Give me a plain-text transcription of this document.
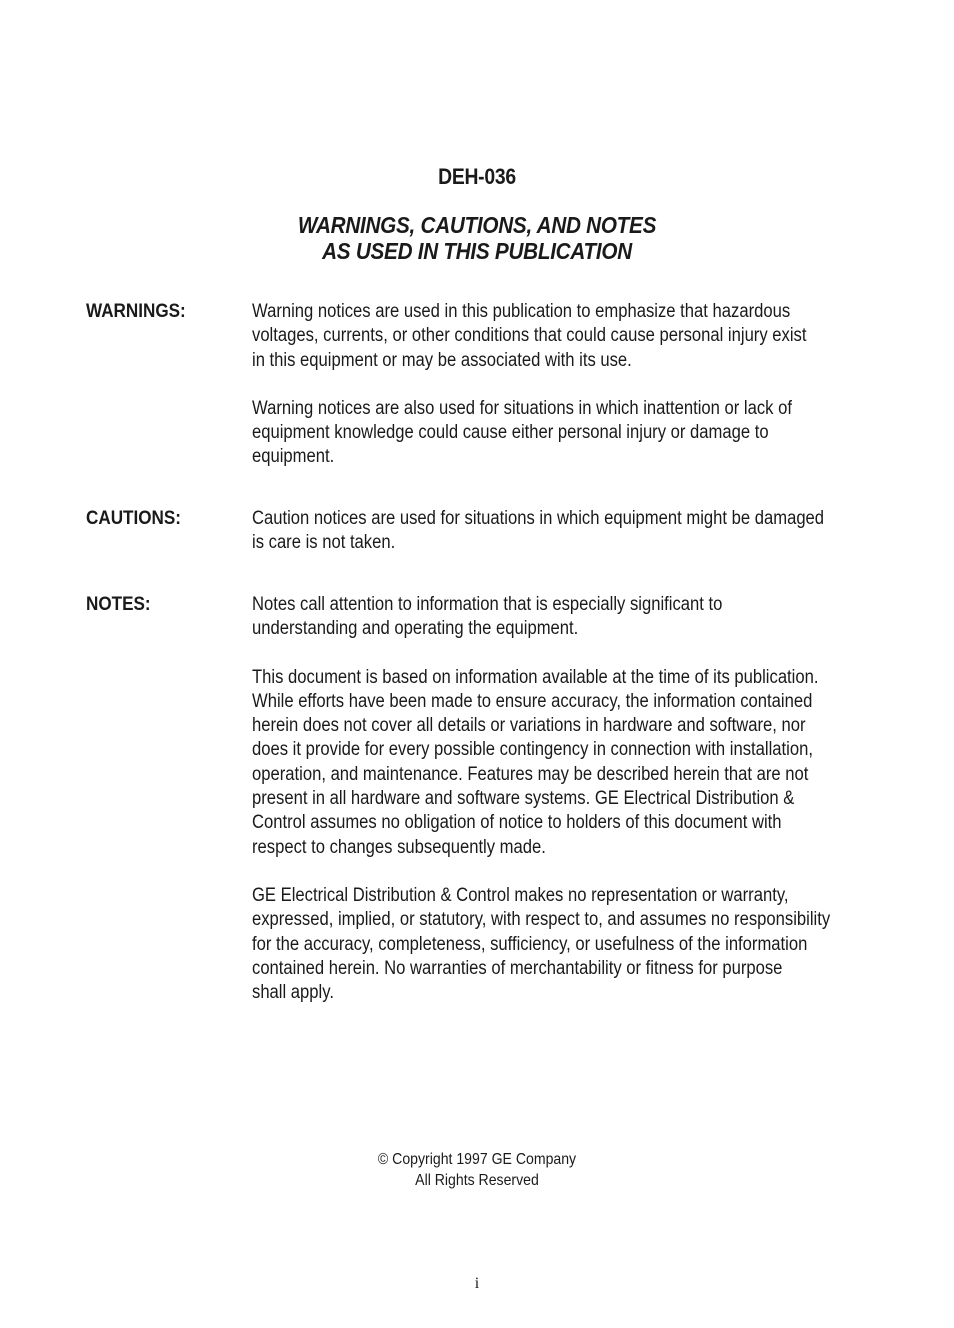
DEH-036
WARNINGS, CAUTIONS, AND NOTES
AS USED IN THIS PUBLICATION
WARNINGS:	Warning notices are used in this publication to emphasize that hazardous
voltages, currents, or other conditions that could cause personal injury exist
in this equipment or may be associated with its use.

Warning notices are also used for situations in which inattention or lack of
equipment knowledge could cause either personal injury or damage to
equipment.

CAUTIONS:	Caution notices are used for situations in which equipment might be damaged
is care is not taken.

NOTES:	Notes call attention to information that is especially significant to
understanding and operating the equipment.

This document is based on information available at the time of its publication.
While efforts have been made to ensure accuracy, the information contained
herein does not cover all details or variations in hardware and software, nor
does it provide for every possible contingency in connection with installation,
operation, and maintenance. Features may be described herein that are not
present in all hardware and software systems. GE Electrical Distribution &
Control assumes no obligation of notice to holders of this document with
respect to changes subsequently made.

GE Electrical Distribution & Control makes no representation or warranty,
expressed, implied, or statutory, with respect to, and assumes no responsibility
for the accuracy, completeness, sufficiency, or usefulness of the information
contained herein. No warranties of merchantability or fitness for purpose
shall apply.

© Copyright 1997 GE Company
All Rights Reserved
i
